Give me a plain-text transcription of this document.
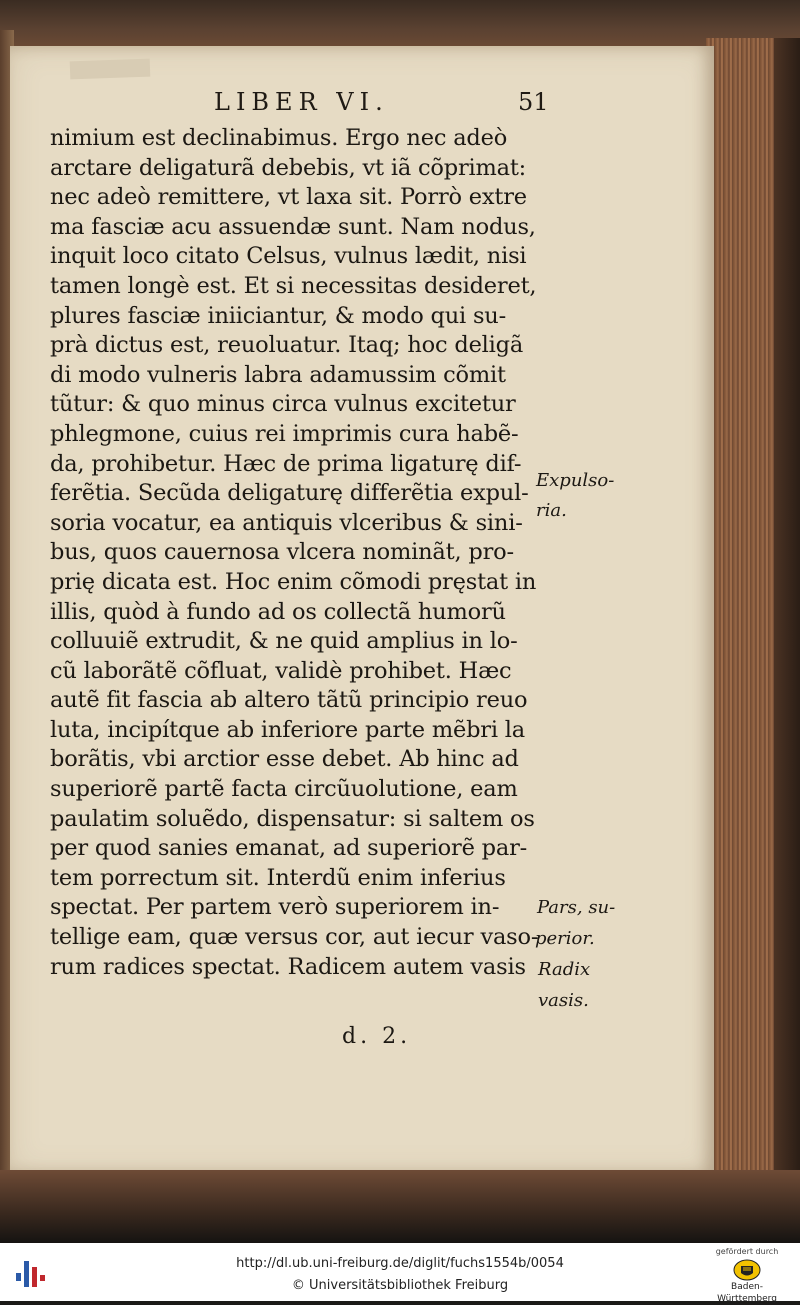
LIBER VI.	51
nimium est declinabimus. Ergo nec adeò
arctare deligaturã debebis, vt iã cõprimat:
nec adeò remittere, vt laxa sit. Porrò extre
ma fasciæ acu assuendæ sunt. Nam nodus,
inquit loco citato Celsus, vulnus lædit, nisi
tamen longè est. Et si necessitas desideret,
plures fasciæ iniiciantur, & modo qui su-
prà dictus est, reuoluatur. Itaq; hoc deligã
di modo vulneris labra adamussim cõmit
tũtur: & quo minus circa vulnus excitetur
phlegmone, cuius rei imprimis cura habẽ-
da, prohibetur. Hæc de prima ligaturę dif-
ferẽtia. Secũda deligaturę differẽtia expul-
soria vocatur, ea antiquis vlceribus & sini-
bus, quos cauernosa vlcera nominãt, pro-
prię dicata est. Hoc enim cõmodi pręstat in
illis, quòd à fundo ad os collectã humorũ
colluuiẽ extrudit, & ne quid amplius in lo-
cũ laborãtẽ cõfluat, validè prohibet. Hæc
autẽ fit fascia ab altero tãtũ principio reuo
luta, incipítque ab inferiore parte mẽbri la
borãtis, vbi arctior esse debet. Ab hinc ad
superiorẽ partẽ facta circũuolutione, eam
paulatim soluẽdo, dispensatur: si saltem os
per quod sanies emanat, ad superiorẽ par-
tem porrectum sit. Interdũ enim inferius
spectat. Per partem verò superiorem in-
tellige eam, quæ versus cor, aut iecur vaso-
rum radices spectat. Radicem autem vasis
Expulso-
ria.
Pars, su-
perior.
Radix
vasis.
d. 2.
http://dl.ub.uni-freiburg.de/diglit/fuchs1554b/0054
© Universitätsbibliothek Freiburg
gefördert durch
Baden-Württemberg
